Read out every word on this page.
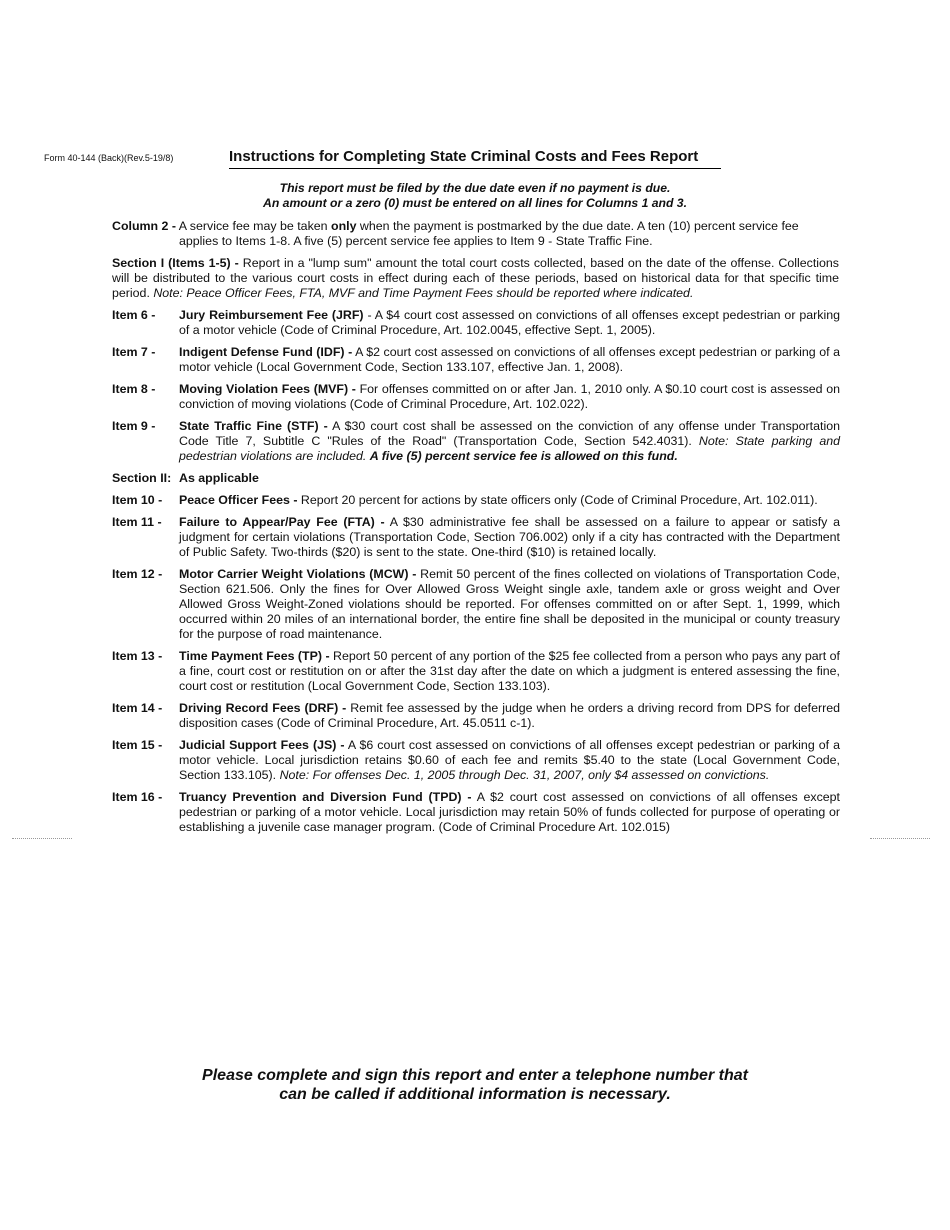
Form 40-144 (Back)(Rev.5-19/8)	Instructions for Completing State Criminal Costs and Fees Report
This report must be filed by the due date even if no payment is due.
An amount or a zero (0) must be entered on all lines for Columns 1 and 3.
Column 2 - A service fee may be taken only when the payment is postmarked by the due date. A ten (10) percent service fee
applies to Items 1-8. A five (5) percent service fee applies to Item 9 - State Traffic Fine.
Section I (Items 1-5) - Report in a "lump sum" amount the total court costs collected, based on the date of the offense. Collections will be distributed to the various court costs in effect during each of these periods, based on historical data for that specific time period. Note: Peace Officer Fees, FTA, MVF and Time Payment Fees should be reported where indicated.
Item 6 -	Jury Reimbursement Fee (JRF) - A $4 court cost assessed on convictions of all offenses except pedestrian or parking of a motor vehicle (Code of Criminal Procedure, Art. 102.0045, effective Sept. 1, 2005).
Item 7 -	Indigent Defense Fund (IDF) - A $2 court cost assessed on convictions of all offenses except pedestrian or parking of a motor vehicle (Local Government Code, Section 133.107, effective Jan. 1, 2008).
Item 8 -	Moving Violation Fees (MVF) - For offenses committed on or after Jan. 1, 2010 only. A $0.10 court cost is assessed on conviction of moving violations (Code of Criminal Procedure, Art. 102.022).
Item 9 -	State Traffic Fine (STF) - A $30 court cost shall be assessed on the conviction of any offense under Transportation Code Title 7, Subtitle C "Rules of the Road" (Transportation Code, Section 542.4031). Note: State parking and pedestrian violations are included. A five (5) percent service fee is allowed on this fund.
Section II: As applicable
Item 10 -	Peace Officer Fees - Report 20 percent for actions by state officers only (Code of Criminal Procedure, Art. 102.011).
Item 11 -	Failure to Appear/Pay Fee (FTA) - A $30 administrative fee shall be assessed on a failure to appear or satisfy a judgment for certain violations (Transportation Code, Section 706.002) only if a city has contracted with the Department of Public Safety. Two-thirds ($20) is sent to the state. One-third ($10) is retained locally.
Item 12 -	Motor Carrier Weight Violations (MCW) - Remit 50 percent of the fines collected on violations of Transportation Code, Section 621.506. Only the fines for Over Allowed Gross Weight single axle, tandem axle or gross weight and Over Allowed Gross Weight-Zoned violations should be reported. For offenses committed on or after Sept. 1, 1999, which occurred within 20 miles of an international border, the entire fine shall be deposited in the municipal or county treasury for the purpose of road maintenance.
Item 13 -	Time Payment Fees (TP) - Report 50 percent of any portion of the $25 fee collected from a person who pays any part of a fine, court cost or restitution on or after the 31st day after the date on which a judgment is entered assessing the fine, court cost or restitution (Local Government Code, Section 133.103).
Item 14 -	Driving Record Fees (DRF) - Remit fee assessed by the judge when he orders a driving record from DPS for deferred disposition cases (Code of Criminal Procedure, Art. 45.0511 c-1).
Item 15 -	Judicial Support Fees (JS) - A $6 court cost assessed on convictions of all offenses except pedestrian or parking of a motor vehicle. Local jurisdiction retains $0.60 of each fee and remits $5.40 to the state (Local Government Code, Section 133.105). Note: For offenses Dec. 1, 2005 through Dec. 31, 2007, only $4 assessed on convictions.
Item 16 -	Truancy Prevention and Diversion Fund (TPD) - A $2 court cost assessed on convictions of all offenses except pedestrian or parking of a motor vehicle. Local jurisdiction may retain 50% of funds collected for purpose of operating or establishing a juvenile case manager program. (Code of Criminal Procedure Art. 102.015)
Please complete and sign this report and enter a telephone number that
can be called if additional information is necessary.
